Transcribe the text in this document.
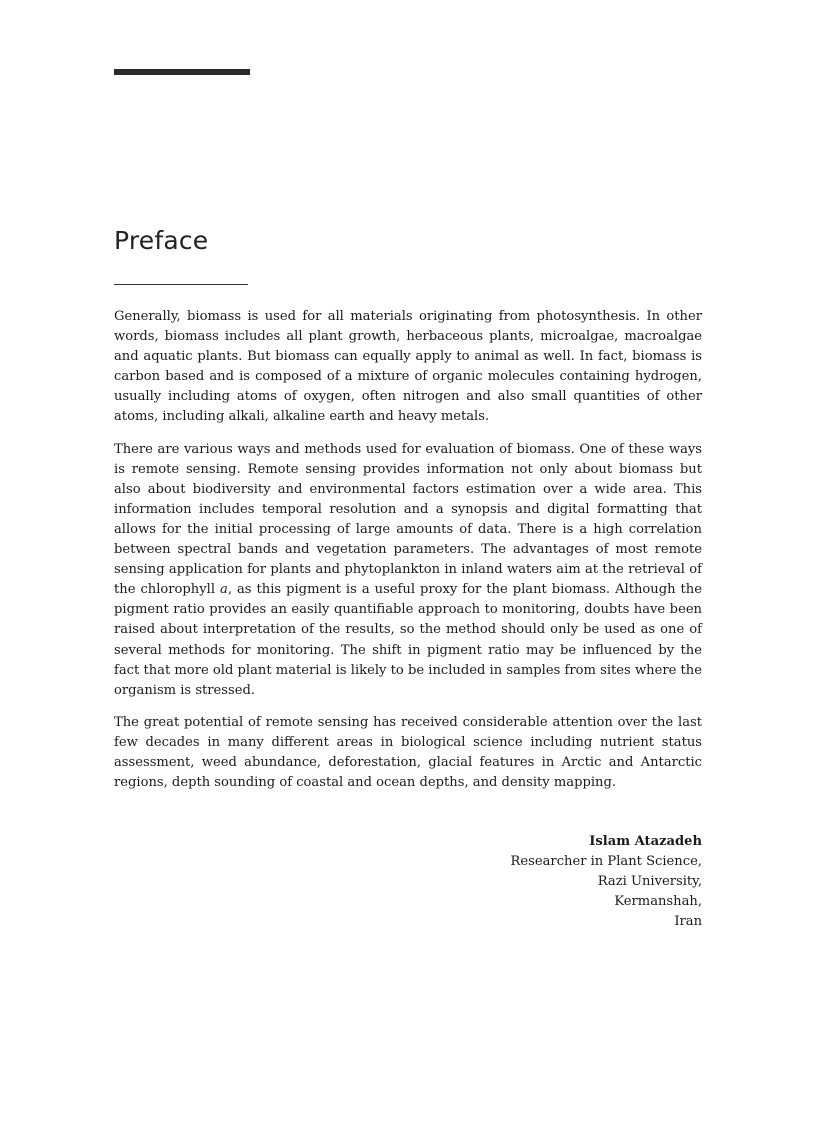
Preface

Generally, biomass is used for all materials originating from photosynthesis. In other words, biomass includes all plant growth, herbaceous plants, microalgae, macroalgae and aquatic plants. But biomass can equally apply to animal as well. In fact, biomass is carbon based and is composed of a mixture of organic molecules containing hydrogen, usually including atoms of oxygen, often nitrogen and also small quantities of other atoms, including alkali, alkaline earth and heavy metals.

There are various ways and methods used for evaluation of biomass. One of these ways is remote sensing. Remote sensing provides information not only about biomass but also about biodiversity and environmental factors estimation over a wide area. This information includes temporal resolution and a synopsis and digital formatting that allows for the initial processing of large amounts of data. There is a high correlation between spectral bands and vegetation parameters. The advantages of most remote sensing application for plants and phytoplankton in inland waters aim at the retrieval of the chlorophyll a, as this pigment is a useful proxy for the plant biomass. Although the pigment ratio provides an easily quantifiable approach to monitoring, doubts have been raised about interpretation of the results, so the method should only be used as one of several methods for monitoring. The shift in pigment ratio may be influenced by the fact that more old plant material is likely to be included in samples from sites where the organism is stressed.

The great potential of remote sensing has received considerable attention over the last few decades in many different areas in biological science including nutrient status assessment, weed abundance, deforestation, glacial features in Arctic and Antarctic regions, depth sounding of coastal and ocean depths, and density mapping.

Islam Atazadeh
Researcher in Plant Science,
Razi University,
Kermanshah,
Iran
